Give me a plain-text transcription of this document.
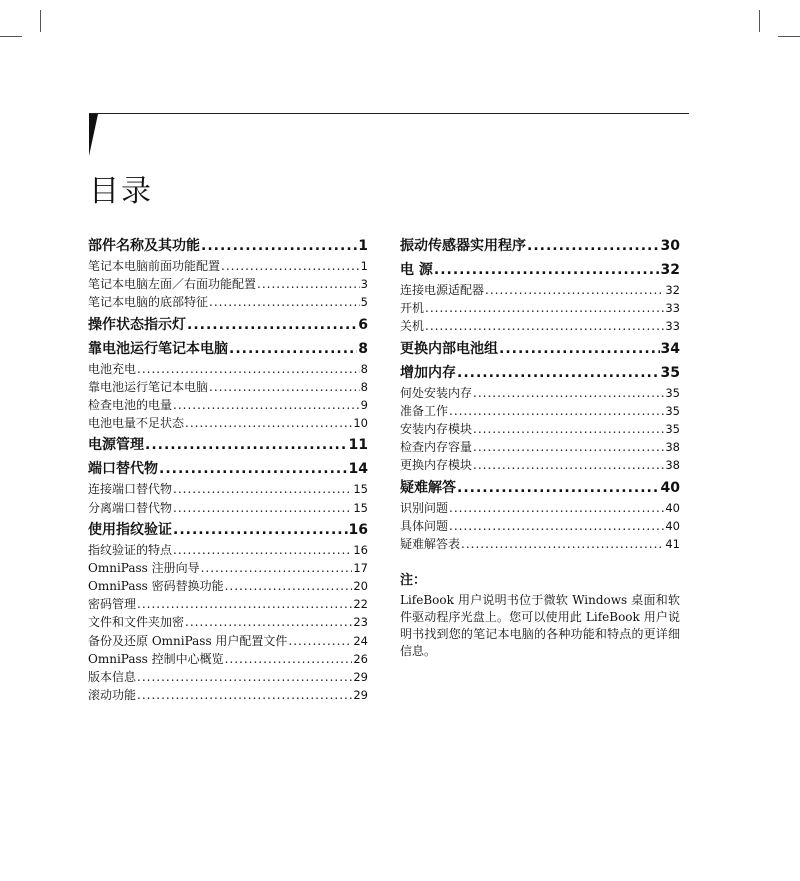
目录
部件名称及其功能 .....	1
笔记本电脑前面功能配置 .....	1
笔记本电脑左面／右面功能配置 .....	3
笔记本电脑的底部特征 .....	5
操作状态指示灯 .....	6
靠电池运行笔记本电脑 .....	8
电池充电 .....	8
靠电池运行笔记本电脑 .....	8
检查电池的电量 .....	9
电池电量不足状态 .....	10
电源管理 .....	11
端口替代物 .....	14
连接端口替代物 .....	15
分离端口替代物 .....	15
使用指纹验证 .....	16
指纹验证的特点 .....	16
OmniPass 注册向导 .....	17
OmniPass 密码替换功能 .....	20
密码管理 .....	22
文件和文件夹加密 .....	23
备份及还原 OmniPass 用户配置文件 .....	24
OmniPass 控制中心概览 .....	26
版本信息 .....	29
滚动功能 .....	29
振动传感器实用程序 .....	30
电 源 .....	32
连接电源适配器 .....	32
开机 .....	33
关机 .....	33
更换内部电池组 .....	34
增加内存 .....	35
何处安装内存 .....	35
准备工作 .....	35
安装内存模块 .....	35
检查内存容量 .....	38
更换内存模块 .....	38
疑难解答 .....	40
识别问题 .....	40
具体问题 .....	40
疑难解答表 .....	41
注：
LifeBook 用户说明书位于微软 Windows 桌面和软件驱动程序光盘上。您可以使用此 LifeBook 用户说明书找到您的笔记本电脑的各种功能和特点的更详细信息。
